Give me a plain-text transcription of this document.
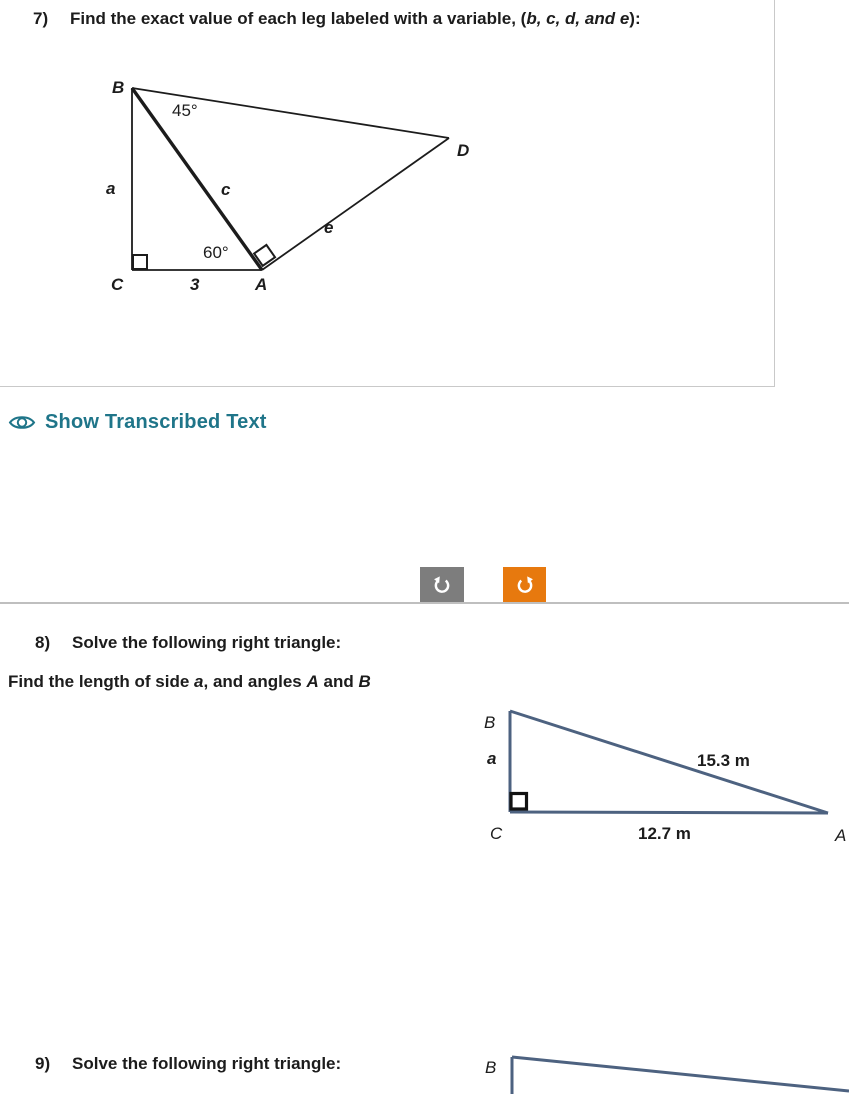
7) Find the exact value of each leg labeled with a variable, (b, c, d, and e):
B
45°
a	c
e
60°
C	3	A
D
Show Transcribed Text
8) Solve the following right triangle:
Find the length of side a, and angles A and B
B
a
C
15.3 m
12.7 m	A
9) Solve the following right triangle:	B
